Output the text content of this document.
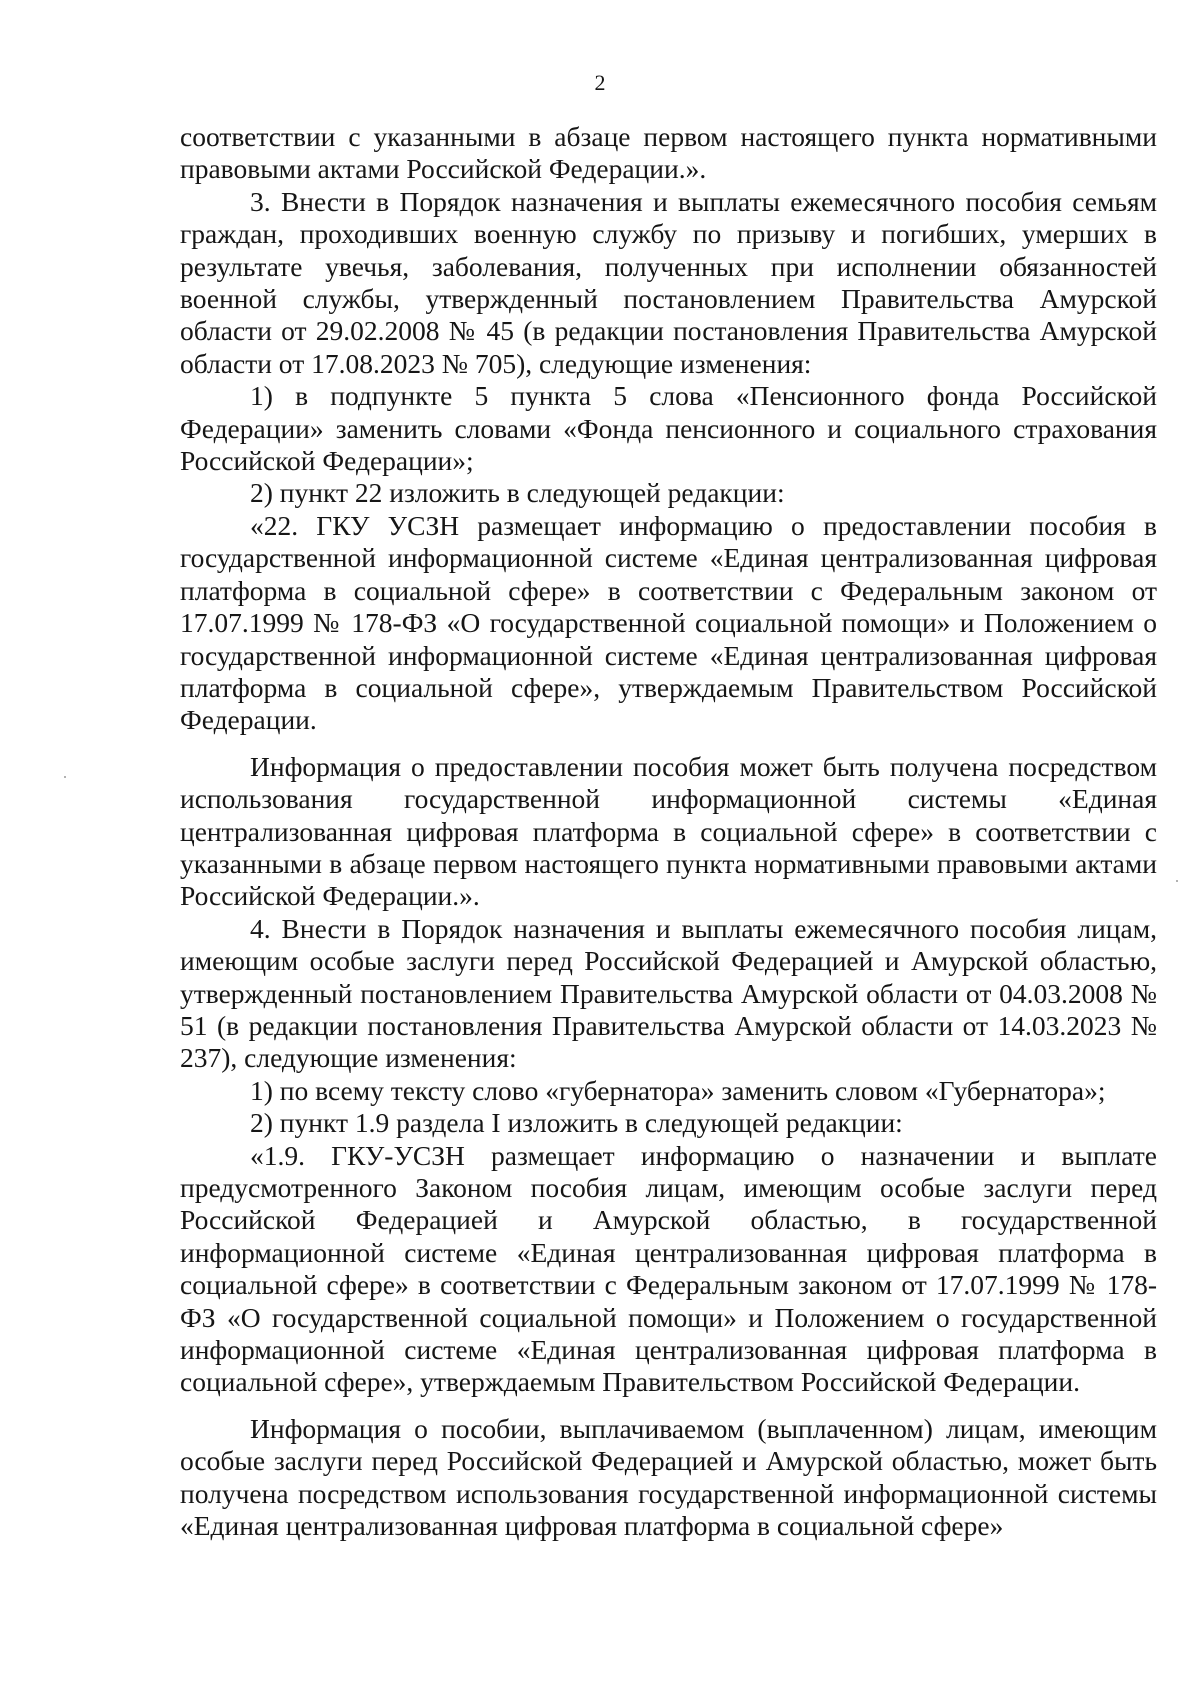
2

соответствии с указанными в абзаце первом настоящего пункта нормативными правовыми актами Российской Федерации.».

3. Внести в Порядок назначения и выплаты ежемесячного пособия семьям граждан, проходивших военную службу по призыву и погибших, умерших в результате увечья, заболевания, полученных при исполнении обязанностей военной службы, утвержденный постановлением Правительства Амурской области от 29.02.2008 № 45 (в редакции постановления Правительства Амурской области от 17.08.2023 № 705), следующие изменения:

1) в подпункте 5 пункта 5 слова «Пенсионного фонда Российской Федерации» заменить словами «Фонда пенсионного и социального страхования Российской Федерации»;

2) пункт 22 изложить в следующей редакции:

«22. ГКУ УСЗН размещает информацию о предоставлении пособия в государственной информационной системе «Единая централизованная цифровая платформа в социальной сфере» в соответствии с Федеральным законом от 17.07.1999 № 178-ФЗ «О государственной социальной помощи» и Положением о государственной информационной системе «Единая централизованная цифровая платформа в социальной сфере», утверждаемым Правительством Российской Федерации.

Информация о предоставлении пособия может быть получена посредством использования государственной информационной системы «Единая централизованная цифровая платформа в социальной сфере» в соответствии с указанными в абзаце первом настоящего пункта нормативными правовыми актами Российской Федерации.».

4. Внести в Порядок назначения и выплаты ежемесячного пособия лицам, имеющим особые заслуги перед Российской Федерацией и Амурской областью, утвержденный постановлением Правительства Амурской области от 04.03.2008 № 51 (в редакции постановления Правительства Амурской области от 14.03.2023 № 237), следующие изменения:

1) по всему тексту слово «губернатора» заменить словом «Губернатора»;

2) пункт 1.9 раздела I изложить в следующей редакции:

«1.9. ГКУ-УСЗН размещает информацию о назначении и выплате предусмотренного Законом пособия лицам, имеющим особые заслуги перед Российской Федерацией и Амурской областью, в государственной информационной системе «Единая централизованная цифровая платформа в социальной сфере» в соответствии с Федеральным законом от 17.07.1999 № 178-ФЗ «О государственной социальной помощи» и Положением о государственной информационной системе «Единая централизованная цифровая платформа в социальной сфере», утверждаемым Правительством Российской Федерации.

Информация о пособии, выплачиваемом (выплаченном) лицам, имеющим особые заслуги перед Российской Федерацией и Амурской областью, может быть получена посредством использования государственной информационной системы «Единая централизованная цифровая платформа в социальной сфере»
